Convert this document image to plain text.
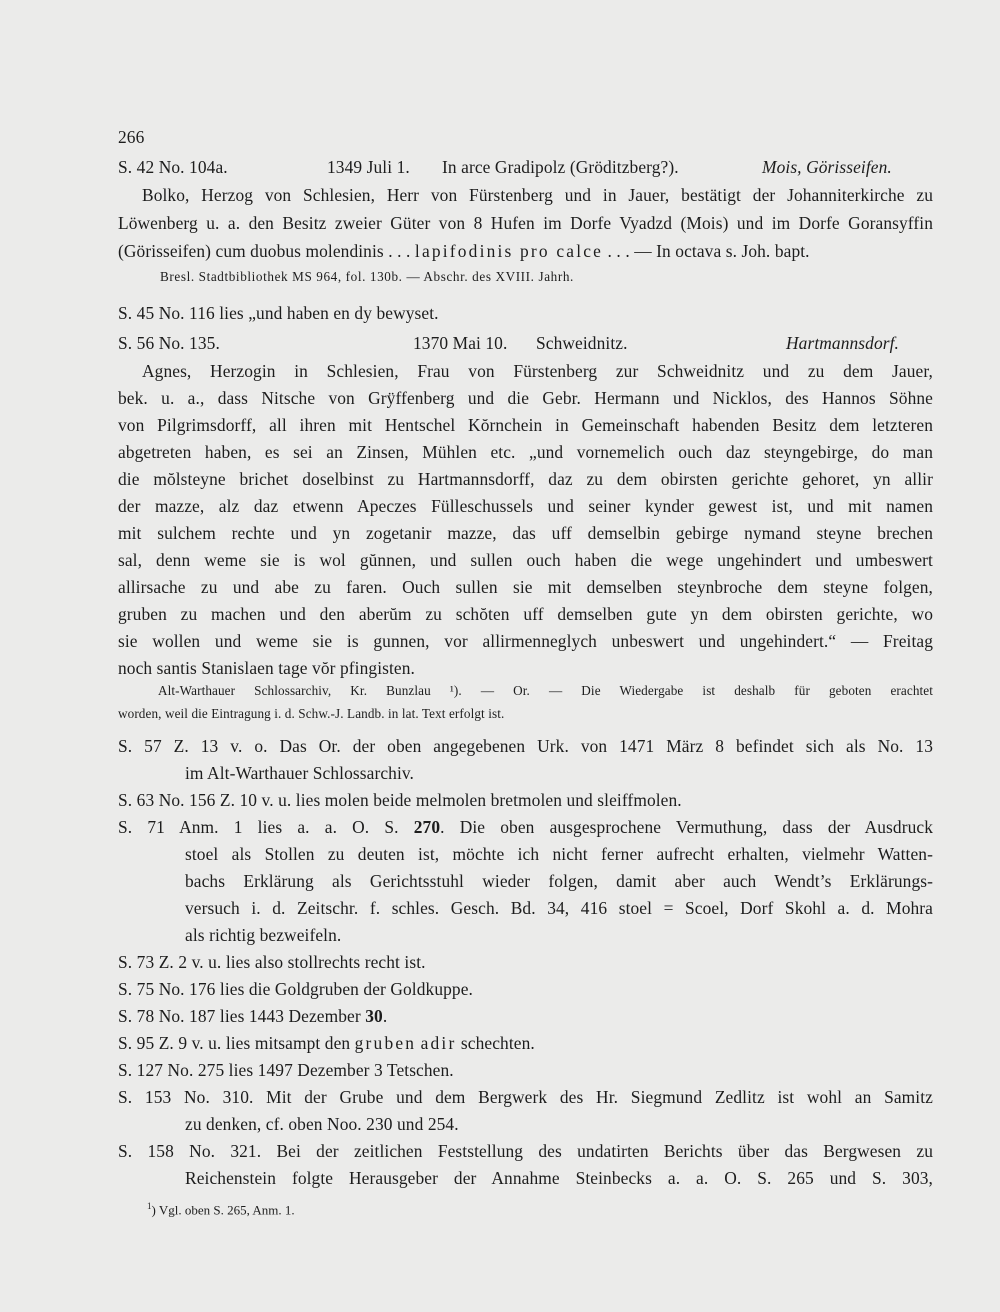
266
S. 42 No. 104a.	1349 Juli 1. In arce Gradipolz (Gröditzberg?).	Mois, Görisseifen.
Bolko, Herzog von Schlesien, Herr von Fürstenberg und in Jauer, bestätigt der Johanniterkirche zu
Löwenberg u. a. den Besitz zweier Güter von 8 Hufen im Dorfe Vyadzd (Mois) und im Dorfe Goransyffin
(Görisseifen) cum duobus molendinis . . . lapifodinis pro calce . . . — In octava s. Joh. bapt.
Bresl. Stadtbibliothek MS 964, fol. 130b. — Abschr. des XVIII. Jahrh.
S. 45 No. 116 lies „und haben en dy bewyset.
S. 56 No. 135.	1370 Mai 10. Schweidnitz.	Hartmannsdorf.
Agnes, Herzogin in Schlesien, Frau von Fürstenberg zur Schweidnitz und zu dem Jauer,
bek. u. a., dass Nitsche von Grÿffenberg und die Gebr. Hermann und Nicklos, des Hannos Söhne
von Pilgrimsdorff, all ihren mit Hentschel Kŏrnchein in Gemeinschaft habenden Besitz dem letzteren
abgetreten haben, es sei an Zinsen, Mühlen etc. „und vornemelich ouch daz steyngebirge, do man
die mŏlsteyne brichet doselbinst zu Hartmannsdorff, daz zu dem obirsten gerichte gehoret, yn allir
der mazze, alz daz etwenn Apeczes Fülleschussels und seiner kynder gewest ist, und mit namen
mit sulchem rechte und yn zogetanir mazze, das uff demselbin gebirge nymand steyne brechen
sal, denn weme sie is wol gŭnnen, und sullen ouch haben die wege ungehindert und umbeswert
allirsache zu und abe zu faren. Ouch sullen sie mit demselben steynbroche dem steyne folgen,
gruben zu machen und den aberŭm zu schŏten uff demselben gute yn dem obirsten gerichte, wo
sie wollen und weme sie is gunnen, vor allirmenneglych unbeswert und ungehindert.“ — Freitag
noch santis Stanislaen tage vŏr pfingisten.
Alt-Warthauer Schlossarchiv, Kr. Bunzlau ¹). — Or. — Die Wiedergabe ist deshalb für geboten erachtet
worden, weil die Eintragung i. d. Schw.-J. Landb. in lat. Text erfolgt ist.
S. 57 Z. 13 v. o. Das Or. der oben angegebenen Urk. von 1471 März 8 befindet sich als No. 13
im Alt-Warthauer Schlossarchiv.
S. 63 No. 156 Z. 10 v. u. lies molen beide melmolen bretmolen und sleiffmolen.
S. 71 Anm. 1 lies a. a. O. S. 270. Die oben ausgesprochene Vermuthung, dass der Ausdruck
stoel als Stollen zu deuten ist, möchte ich nicht ferner aufrecht erhalten, vielmehr Watten-
bachs Erklärung als Gerichtsstuhl wieder folgen, damit aber auch Wendt’s Erklärungs-
versuch i. d. Zeitschr. f. schles. Gesch. Bd. 34, 416 stoel = Scoel, Dorf Skohl a. d. Mohra
als richtig bezweifeln.
S. 73 Z. 2 v. u. lies also stollrechts recht ist.
S. 75 No. 176 lies die Goldgruben der Goldkuppe.
S. 78 No. 187 lies 1443 Dezember 30.
S. 95 Z. 9 v. u. lies mitsampt den gruben adir schechten.
S. 127 No. 275 lies 1497 Dezember 3 Tetschen.
S. 153 No. 310. Mit der Grube und dem Bergwerk des Hr. Siegmund Zedlitz ist wohl an Samitz
zu denken, cf. oben Noo. 230 und 254.
S. 158 No. 321. Bei der zeitlichen Feststellung des undatirten Berichts über das Bergwesen zu
Reichenstein folgte Herausgeber der Annahme Steinbecks a. a. O. S. 265 und S. 303,
$^1$) Vgl. oben S. 265, Anm. 1.
